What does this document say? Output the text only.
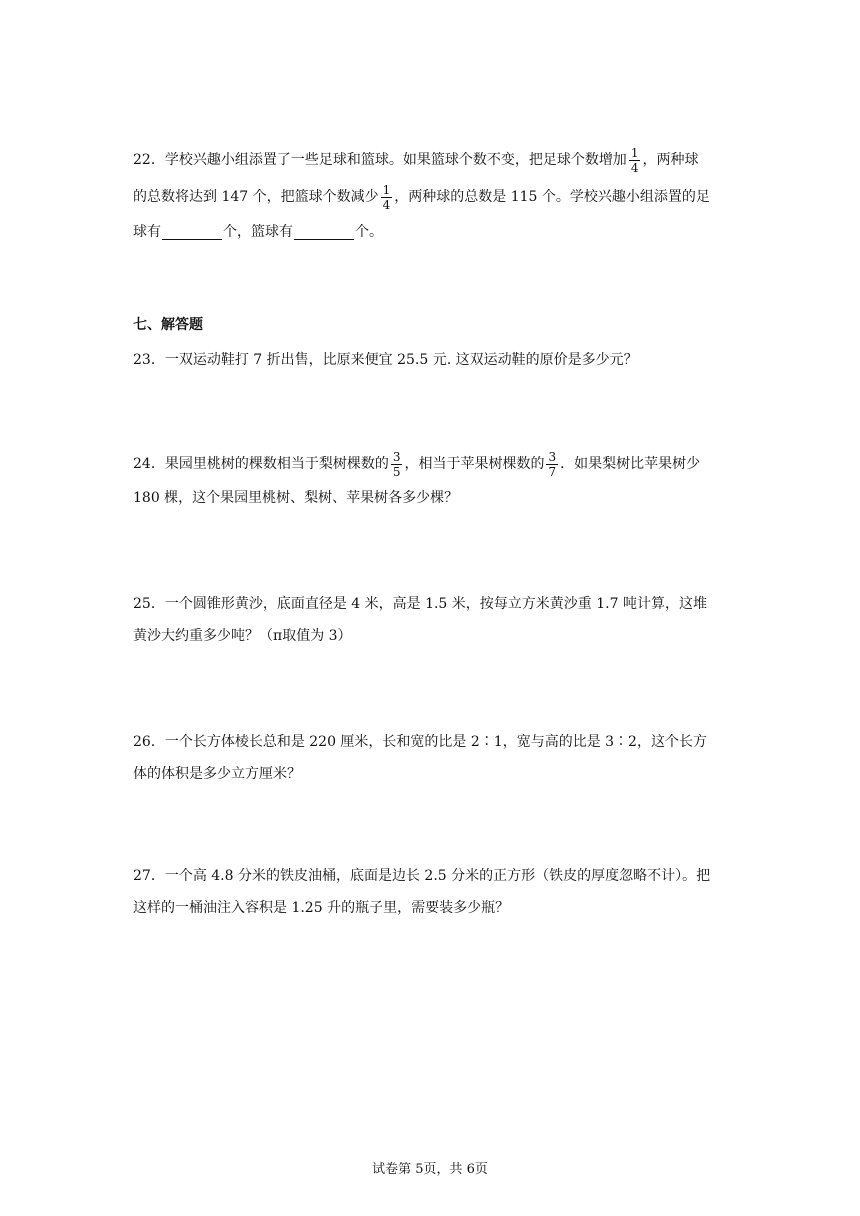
22．学校兴趣小组添置了一些足球和篮球。如果篮球个数不变，把足球个数增加 $\frac{1}{4}$ ，两种球
的总数将达到 147 个，把篮球个数减少 $\frac{1}{4}$ ，两种球的总数是 115 个。学校兴趣小组添置的足
球有	个，篮球有	个。
七、解答题
23．一双运动鞋打 7 折出售，比原来便宜 25.5 元. 这双运动鞋的原价是多少元？
24．果园里桃树的棵数相当于梨树棵数的 $\frac{3}{5}$ ，相当于苹果树棵数的 $\frac{3}{7}$ ．如果梨树比苹果树少
180 棵，这个果园里桃树、梨树、苹果树各多少棵？
25．一个圆锥形黄沙，底面直径是 4 米，高是 1.5 米，按每立方米黄沙重 1.7 吨计算，这堆
黄沙大约重多少吨？（π取值为 3）
26．一个长方体棱长总和是 220 厘米，长和宽的比是 2∶1，宽与高的比是 3∶2，这个长方
体的体积是多少立方厘米？
27．一个高 4.8 分米的铁皮油桶，底面是边长 2.5 分米的正方形（铁皮的厚度忽略不计）。把
这样的一桶油注入容积是 1.25 升的瓶子里，需要装多少瓶？
试卷第 5页，共 6页
